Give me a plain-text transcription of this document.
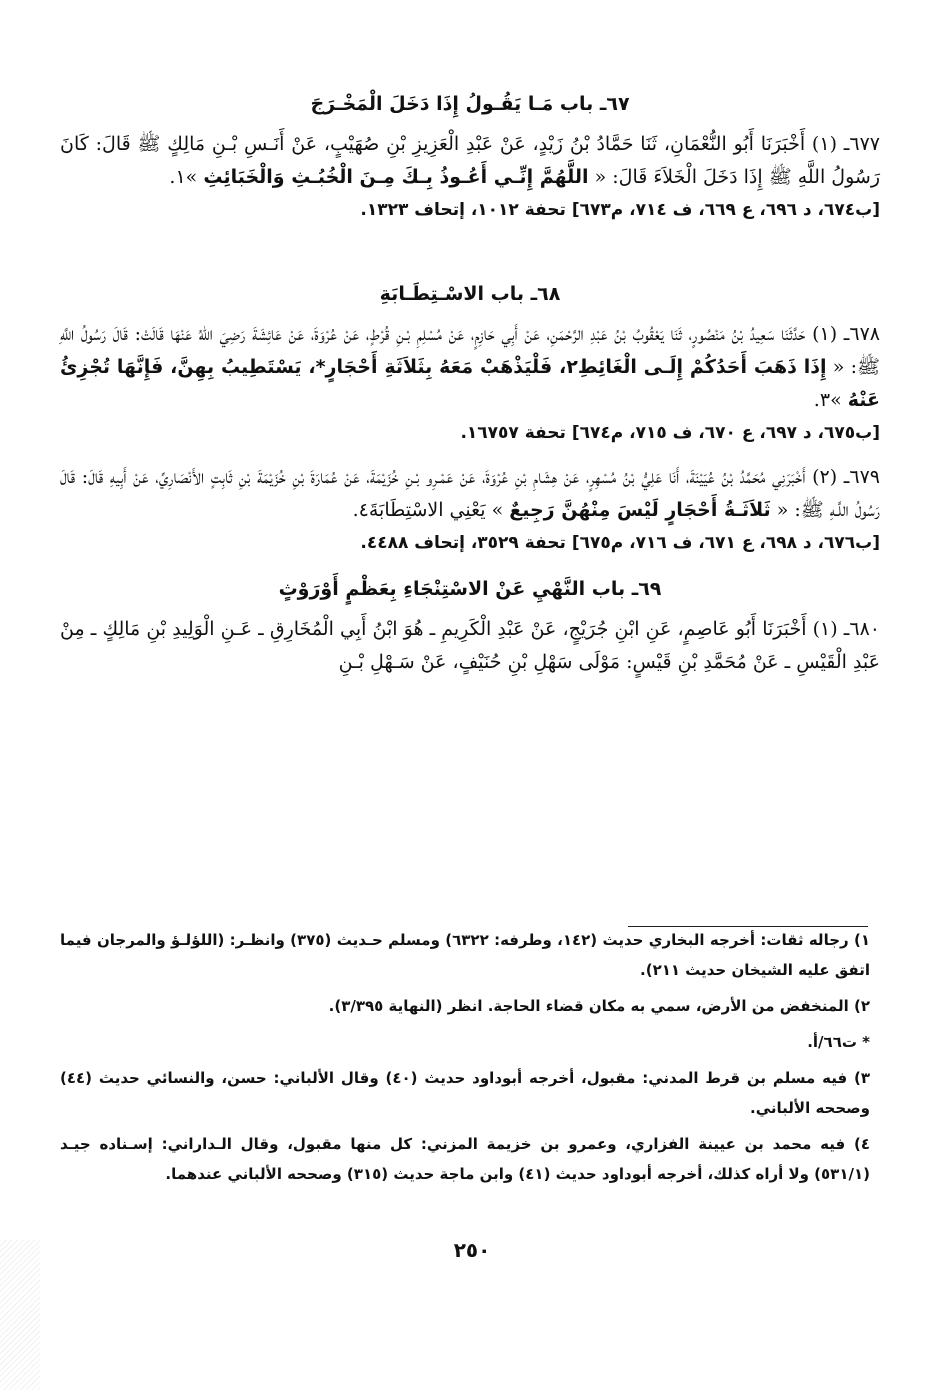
٦٧ـ باب مَـا يَقُـولُ إِذَا دَخَلَ الْمَخْـرَجَ

٦٧٧ـ (١) أَخْبَرَنَا أَبُو النُّعْمَانِ، ثَنَا حَمَّادُ بْنُ زَيْدٍ، عَنْ عَبْدِ الْعَزِيزِ بْنِ صُهَيْبٍ، عَنْ أَنَـسِ بْـنِ مَالِكٍ ﷺ قَالَ: كَانَ رَسُولُ اللَّهِ ﷺ إِذَا دَخَلَ الْخَلاَءَ قَالَ: « اللَّهُمَّ إِنِّـي أَعُـوذُ بِـكَ مِـنَ الْخُبُـثِ وَالْخَبَائِثِ »١.

[ب٦٧٤، د ٦٩٦، ع ٦٦٩، ف ٧١٤، م٦٧٣] تحفة ١٠١٢، إتحاف ١٣٢٣.
٦٨ـ باب الاسْـتِطَـابَةِ

٦٧٨ـ (١) حَدَّثَنَا سَعِيدُ بْنُ مَنْصُورٍ، ثَنَا يَعْقُوبُ بْنُ عَبْدِ الرَّحْمَنِ، عَنْ أَبِي حَازِمٍ، عَنْ مُسْلِمِ بْـنِ قُرْطٍ، عَنْ عُرْوَةَ، عَنْ عَائِشَةَ رَضِيَ اللهُ عَنْهَا قَالَتْ: قَالَ رَسُولُ اللَّهِ ﷺ: « إِذَا ذَهَبَ أَحَدُكُمْ إِلَـى الْغَائِطِ٢، فَلْيَذْهَبْ مَعَهُ بِثَلاَثَةِ أَحْجَارٍ*، يَسْتَطِيبُ بِهِنَّ، فَإِنَّهَا تُجْزِئُ عَنْهُ »٣.

[ب٦٧٥، د ٦٩٧، ع ٦٧٠، ف ٧١٥، م٦٧٤] تحفة ١٦٧٥٧.

٦٧٩ـ (٢) أَخْبَرَنِي مُحَمَّدُ بْنُ عُيَيْنَةَ، أَنَا عَلِيُّ بْنُ مُسْهِرٍ، عَنْ هِشَامِ بْنِ عُرْوَةَ، عَنْ عَمْـرِو بْـنِ خُزَيْمَةَ، عَنْ عُمَارَةَ بْنِ خُزَيْمَةَ بْنِ ثَابِتٍ الأَنْصَارِيِّ، عَنْ أَبِيهِ قَالَ: قَالَ رَسُولُ اللَّـهِ ﷺ: « ثَلاَثَـةُ أَحْجَارٍ لَيْسَ مِنْهُنَّ رَجِيعٌ » يَعْنِي الاسْتِطَابَةَ٤.

[ب٦٧٦، د ٦٩٨، ع ٦٧١، ف ٧١٦، م٦٧٥] تحفة ٣٥٢٩، إتحاف ٤٤٨٨.
٦٩ـ باب النَّهْيِ عَنْ الاسْتِنْجَاءِ بِعَظْمٍ أَوْرَوْثٍ

٦٨٠ـ (١) أَخْبَرَنَا أَبُو عَاصِمٍ، عَنِ ابْنِ جُرَيْجٍ، عَنْ عَبْدِ الْكَرِيمِ ـ هُوَ ابْنُ أَبِي الْمُخَارِقِ ـ عَـنِ الْوَلِيدِ بْنِ مَالِكٍ ـ مِنْ عَبْدِ الْقَيْسِ ـ عَنْ مُحَمَّدِ بْنِ قَيْسٍ: مَوْلَى سَهْلِ بْنِ حُنَيْفٍ، عَنْ سَـهْلِ بْـنِ

١) رجاله ثقات: أخرجه البخاري حديث (١٤٢، وطرفه: ٦٣٢٢) ومسلم حـديث (٣٧٥) وانظـر: (اللؤلـؤ والمرجان فيما اتفق عليه الشيخان حديث ٢١١).

٢) المنخفض من الأرض، سمي به مكان قضاء الحاجة. انظر (النهاية ٣/٣٩٥).

* ت٦٦/أ.

٣) فيه مسلم بن قرط المدني: مقبول، أخرجه أبوداود حديث (٤٠) وقال الألباني: حسن، والنسائي حديث (٤٤) وصححه الألباني.

٤) فيه محمد بن عيينة الفزاري، وعمرو بن خزيمة المزني: كل منها مقبول، وقال الـداراني: إسـناده جيـد (٥٣١/١) ولا أراه كذلك، أخرجه أبوداود حديث (٤١) وابن ماجة حديث (٣١٥) وصححه الألباني عندهما.

٢٥٠
